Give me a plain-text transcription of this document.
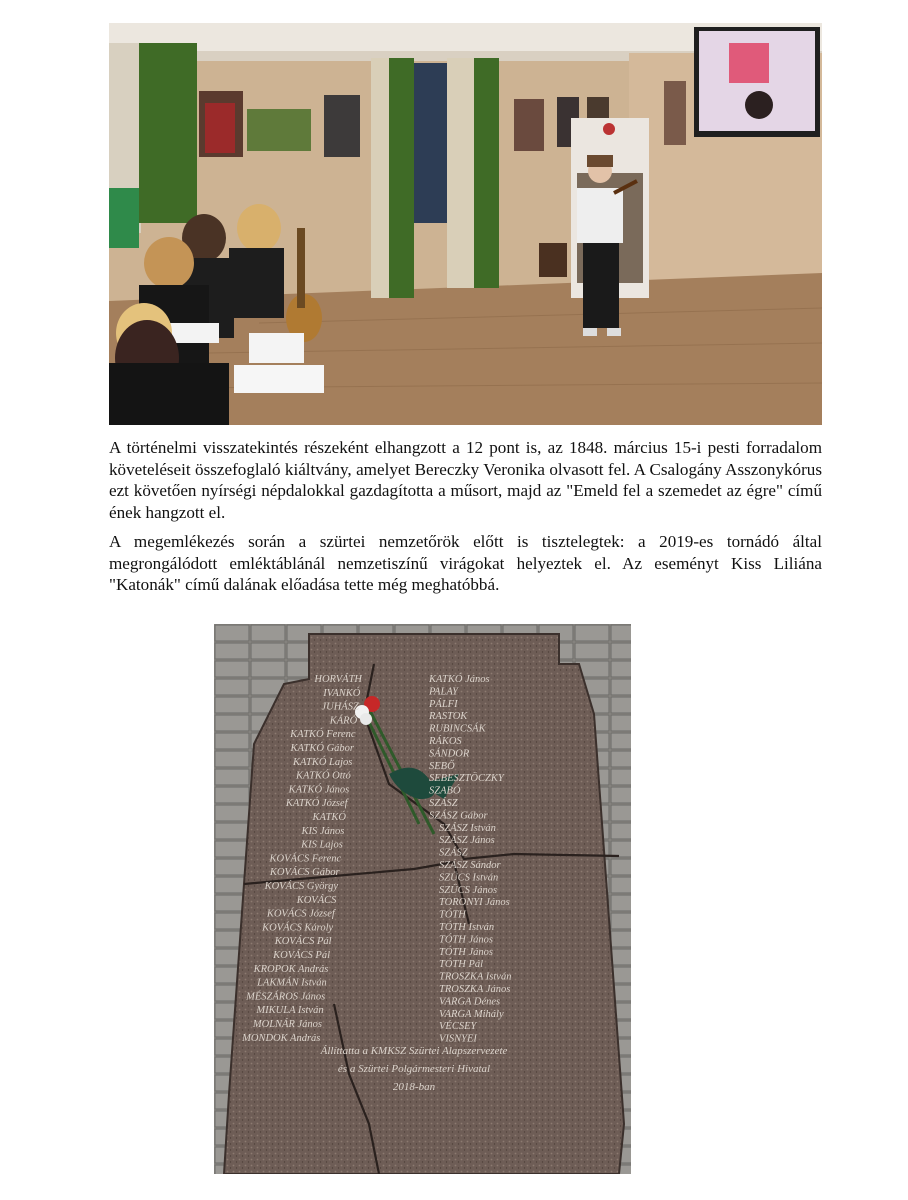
A történelmi visszatekintés részeként elhangzott a 12 pont is, az 1848. március 15-i pesti forradalom követeléseit összefoglaló kiáltvány, amelyet Bereczky Veronika olvasott fel. A Csalogány Asszonykórus ezt követően nyírségi népdalokkal gazdagította a műsort, majd az "Emeld fel a szemedet az égre" című ének hangzott el.

A megemlékezés során a szürtei nemzetőrök előtt is tisztelegtek: a 2019-es tornádó által megrongálódott emléktáblánál nemzetiszínű virágokat helyeztek el. Az eseményt Kiss Liliána "Katonák" című dalának előadása tette még meghatóbbá.

HORVÁTH
IVANKÓ
JUHÁSZ
KÁRÓ
KATKÓ Ferenc
KATKÓ Gábor
KATKÓ Lajos
KATKÓ Ottó
KATKÓ János
KATKÓ József
KATKÓ
KIS János
KIS Lajos
KOVÁCS Ferenc
KOVÁCS Gábor
KOVÁCS György
KOVÁCS
KOVÁCS József
KOVÁCS Károly
KOVÁCS Pál
KOVÁCS Pál
KROPOK András
LAKMÁN István
MÉSZÁROS János
MIKULA István
MOLNÁR János
MONDOK András
KATKÓ János
PALAY
PÁLFI
RASTOK
RUBINCSÁK
RÁKOS
SÁNDOR
SEBŐ
SEBESZTÖCZKY
SZABÓ
SZÁSZ
SZÁSZ Gábor
SZÁSZ István
SZÁSZ János
SZÁSZ
SZÁSZ Sándor
SZÜCS István
SZÜCS János
TORONYI János
TÓTH
TÓTH István
TÓTH János
TÓTH János
TÓTH Pál
TROSZKA István
TROSZKA János
VARGA Dénes
VARGA Mihály
VÉCSEY
VISNYEI
Állíttatta a KMKSZ Szürtei Alapszervezete
és a Szürtei Polgármesteri Hivatal
2018-ban
